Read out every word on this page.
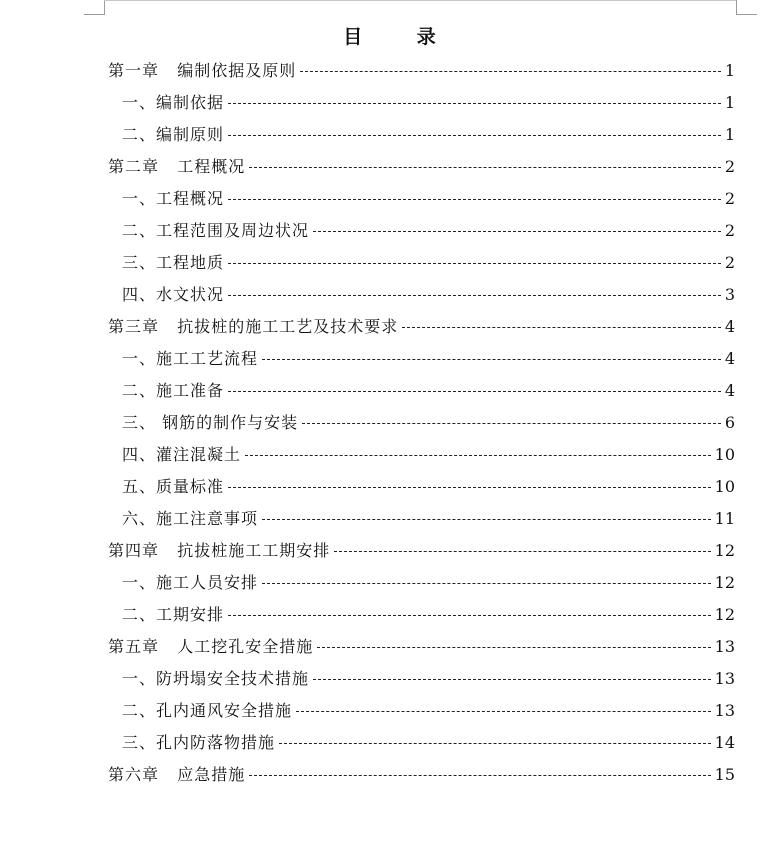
目 录
第一章   编制依据及原则	1
一、编制依据	1
二、编制原则	1
第二章   工程概况	2
一、工程概况	2
二、工程范围及周边状况	2
三、工程地质	2
四、水文状况	3
第三章   抗拔桩的施工工艺及技术要求	4
一、施工工艺流程	4
二、施工准备	4
三、 钢筋的制作与安装	6
四、灌注混凝土	10
五、质量标准	10
六、施工注意事项	11
第四章   抗拔桩施工工期安排	12
一、施工人员安排	12
二、工期安排	12
第五章   人工挖孔安全措施	13
一、防坍塌安全技术措施	13
二、孔内通风安全措施	13
三、孔内防落物措施	14
第六章   应急措施	15
